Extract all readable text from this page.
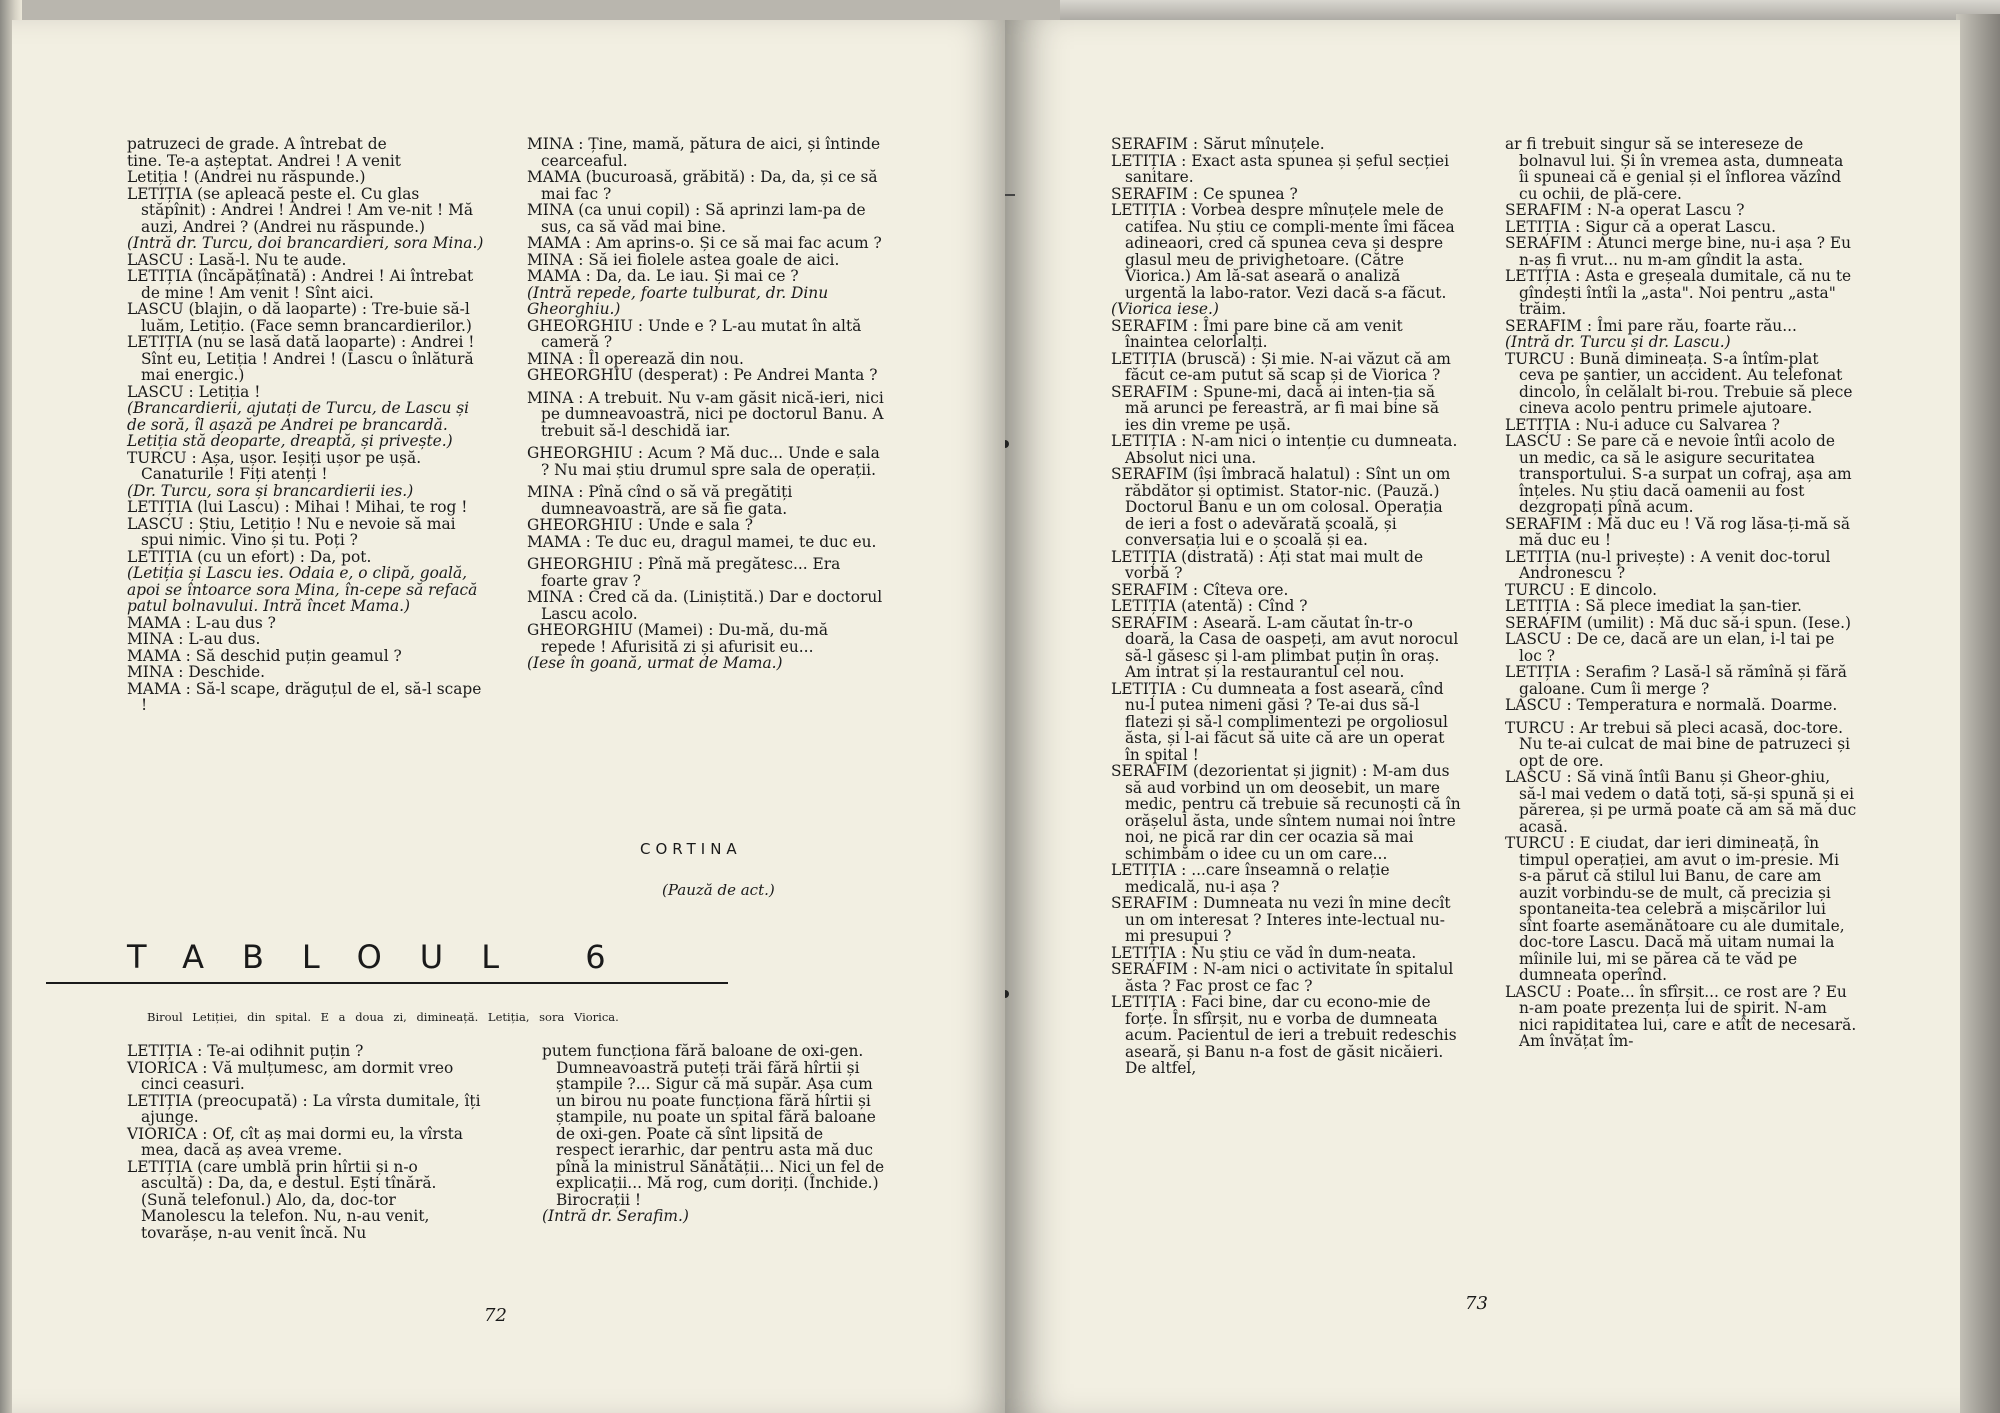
patruzeci de grade. A întrebat de

tine. Te-a așteptat. Andrei ! A venit

Letiția ! (Andrei nu răspunde.)

LETIȚIA (se apleacă peste el. Cu glas stăpînit) : Andrei ! Andrei ! Am ve-nit ! Mă auzi, Andrei ? (Andrei nu răspunde.)

(Intră dr. Turcu, doi brancardieri, sora Mina.)

LASCU : Lasă-l. Nu te aude.

LETIȚIA (încăpățînată) : Andrei ! Ai întrebat de mine ! Am venit ! Sînt aici.

LASCU (blajin, o dă laoparte) : Tre-buie să-l luăm, Letițio. (Face semn brancardierilor.)

LETIȚIA (nu se lasă dată laoparte) : Andrei ! Sînt eu, Letiția ! Andrei ! (Lascu o înlătură mai energic.)

LASCU : Letiția !

(Brancardierii, ajutați de Turcu, de Lascu și de soră, îl așază pe Andrei pe brancardă. Letiția stă deoparte, dreaptă, și privește.)

TURCU : Așa, ușor. Ieșiți ușor pe ușă. Canaturile ! Fiți atenți !

(Dr. Turcu, sora și brancardierii ies.)

LETIȚIA (lui Lascu) : Mihai ! Mihai, te rog !

LASCU : Știu, Letițio ! Nu e nevoie să mai spui nimic. Vino și tu. Poți ?

LETIȚIA (cu un efort) : Da, pot.

(Letiția și Lascu ies. Odaia e, o clipă, goală, apoi se întoarce sora Mina, în-cepe să refacă patul bolnavului. Intră încet Mama.)

MAMA : L-au dus ?

MINA : L-au dus.

MAMA : Să deschid puțin geamul ?

MINA : Deschide.

MAMA : Să-l scape, drăguțul de el, să-l scape !

MINA : Ține, mamă, pătura de aici, și întinde cearceaful.

MAMA (bucuroasă, grăbită) : Da, da, și ce să mai fac ?

MINA (ca unui copil) : Să aprinzi lam-pa de sus, ca să văd mai bine.

MAMA : Am aprins-o. Și ce să mai fac acum ?

MINA : Să iei fiolele astea goale de aici.

MAMA : Da, da. Le iau. Și mai ce ?

(Intră repede, foarte tulburat, dr. Dinu Gheorghiu.)

GHEORGHIU : Unde e ? L-au mutat în altă cameră ?

MINA : Îl operează din nou.

GHEORGHIU (desperat) : Pe Andrei Manta ?

MINA : A trebuit. Nu v-am găsit nică-ieri, nici pe dumneavoastră, nici pe doctorul Banu. A trebuit să-l deschidă iar.

GHEORGHIU : Acum ? Mă duc... Unde e sala ? Nu mai știu drumul spre sala de operații.

MINA : Pînă cînd o să vă pregătiți dumneavoastră, are să fie gata.

GHEORGHIU : Unde e sala ?

MAMA : Te duc eu, dragul mamei, te duc eu.

GHEORGHIU : Pînă mă pregătesc... Era foarte grav ?

MINA : Cred că da. (Liniștită.) Dar e doctorul Lascu acolo.

GHEORGHIU (Mamei) : Du-mă, du-mă repede ! Afurisită zi și afurisit eu...

(Iese în goană, urmat de Mama.)

CORTINA
(Pauză de act.)
TABLOUL 6
Biroul Letiției, din spital. E a doua zi, dimineață. Letiția, sora Viorica.

LETIȚIA : Te-ai odihnit puțin ?

VIORICA : Vă mulțumesc, am dormit vreo cinci ceasuri.

LETIȚIA (preocupată) : La vîrsta dumitale, îți ajunge.

VIORICA : Of, cît aș mai dormi eu, la vîrsta mea, dacă aș avea vreme.

LETIȚIA (care umblă prin hîrtii și n-o ascultă) : Da, da, e destul. Ești tînără. (Sună telefonul.) Alo, da, doc-tor Manolescu la telefon. Nu, n-au venit, tovarășe, n-au venit încă. Nu

putem funcționa fără baloane de oxi-gen. Dumneavoastră puteți trăi fără hîrtii și ștampile ?... Sigur că mă supăr. Așa cum un birou nu poate funcționa fără hîrtii și ștampile, nu poate un spital fără baloane de oxi-gen. Poate că sînt lipsită de respect ierarhic, dar pentru asta mă duc pînă la ministrul Sănătății... Nici un fel de explicații... Mă rog, cum doriți. (Închide.) Birocrații !

(Intră dr. Serafim.)

72

SERAFIM : Sărut mînuțele.

LETIȚIA : Exact asta spunea și șeful secției sanitare.

SERAFIM : Ce spunea ?

LETIȚIA : Vorbea despre mînuțele mele de catifea. Nu știu ce compli-mente îmi făcea adineaori, cred că spunea ceva și despre glasul meu de privighetoare. (Către Viorica.) Am lă-sat aseară o analiză urgentă la labo-rator. Vezi dacă s-a făcut.

(Viorica iese.)

SERAFIM : Îmi pare bine că am venit înaintea celorlalți.

LETIȚIA (bruscă) : Și mie. N-ai văzut că am făcut ce-am putut să scap și de Viorica ?

SERAFIM : Spune-mi, dacă ai inten-ția să mă arunci pe fereastră, ar fi mai bine să ies din vreme pe ușă.

LETIȚIA : N-am nici o intenție cu dumneata. Absolut nici una.

SERAFIM (își îmbracă halatul) : Sînt un om răbdător și optimist. Stator-nic. (Pauză.) Doctorul Banu e un om colosal. Operația de ieri a fost o adevărată școală, și conversația lui e o școală și ea.

LETIȚIA (distrată) : Ați stat mai mult de vorbă ?

SERAFIM : Cîteva ore.

LETIȚIA (atentă) : Cînd ?

SERAFIM : Aseară. L-am căutat în-tr-o doară, la Casa de oaspeți, am avut norocul să-l găsesc și l-am plimbat puțin în oraș. Am intrat și la restaurantul cel nou.

LETIȚIA : Cu dumneata a fost aseară, cînd nu-l putea nimeni găsi ? Te-ai dus să-l flatezi și să-l complimentezi pe orgoliosul ăsta, și l-ai făcut să uite că are un operat în spital !

SERAFIM (dezorientat și jignit) : M-am dus să aud vorbind un om deosebit, un mare medic, pentru că trebuie să recunoști că în orășelul ăsta, unde sîntem numai noi între noi, ne pică rar din cer ocazia să mai schimbăm o idee cu un om care...

LETIȚIA : ...care înseamnă o relație medicală, nu-i așa ?

SERAFIM : Dumneata nu vezi în mine decît un om interesat ? Interes inte-lectual nu-mi presupui ?

LETIȚIA : Nu știu ce văd în dum-neata.

SERAFIM : N-am nici o activitate în spitalul ăsta ? Fac prost ce fac ?

LETIȚIA : Faci bine, dar cu econo-mie de forțe. În sfîrșit, nu e vorba de dumneata acum. Pacientul de ieri a trebuit redeschis aseară, și Banu n-a fost de găsit nicăieri. De altfel,

ar fi trebuit singur să se intereseze de bolnavul lui. Și în vremea asta, dumneata îi spuneai că e genial și el înflorea văzînd cu ochii, de plă-cere.

SERAFIM : N-a operat Lascu ?

LETIȚIA : Sigur că a operat Lascu.

SERAFIM : Atunci merge bine, nu-i așa ? Eu n-aș fi vrut... nu m-am gîndit la asta.

LETIȚIA : Asta e greșeala dumitale, că nu te gîndești întîi la „asta". Noi pentru „asta" trăim.

SERAFIM : Îmi pare rău, foarte rău...

(Intră dr. Turcu și dr. Lascu.)

TURCU : Bună dimineața. S-a întîm-plat ceva pe șantier, un accident. Au telefonat dincolo, în celălalt bi-rou. Trebuie să plece cineva acolo pentru primele ajutoare.

LETIȚIA : Nu-i aduce cu Salvarea ?

LASCU : Se pare că e nevoie întîi acolo de un medic, ca să le asigure securitatea transportului. S-a surpat un cofraj, așa am înțeles. Nu știu dacă oamenii au fost dezgropați pînă acum.

SERAFIM : Mă duc eu ! Vă rog lăsa-ți-mă să mă duc eu !

LETIȚIA (nu-l privește) : A venit doc-torul Andronescu ?

TURCU : E dincolo.

LETIȚIA : Să plece imediat la șan-tier.

SERAFIM (umilit) : Mă duc să-i spun. (Iese.)

LASCU : De ce, dacă are un elan, i-l tai pe loc ?

LETIȚIA : Serafim ? Lasă-l să rămînă și fără galoane. Cum îi merge ?

LASCU : Temperatura e normală. Doarme.

TURCU : Ar trebui să pleci acasă, doc-tore. Nu te-ai culcat de mai bine de patruzeci și opt de ore.

LASCU : Să vină întîi Banu și Gheor-ghiu, să-l mai vedem o dată toți, să-și spună și ei părerea, și pe urmă poate că am să mă duc acasă.

TURCU : E ciudat, dar ieri dimineață, în timpul operației, am avut o im-presie. Mi s-a părut că stilul lui Banu, de care am auzit vorbindu-se de mult, că precizia și spontaneita-tea celebră a mișcărilor lui sînt foarte asemănătoare cu ale dumitale, doc-tore Lascu. Dacă mă uitam numai la mîinile lui, mi se părea că te văd pe dumneata operînd.

LASCU : Poate... în sfîrșit... ce rost are ? Eu n-am poate prezența lui de spirit. N-am nici rapiditatea lui, care e atît de necesară. Am învățat îm-

73
